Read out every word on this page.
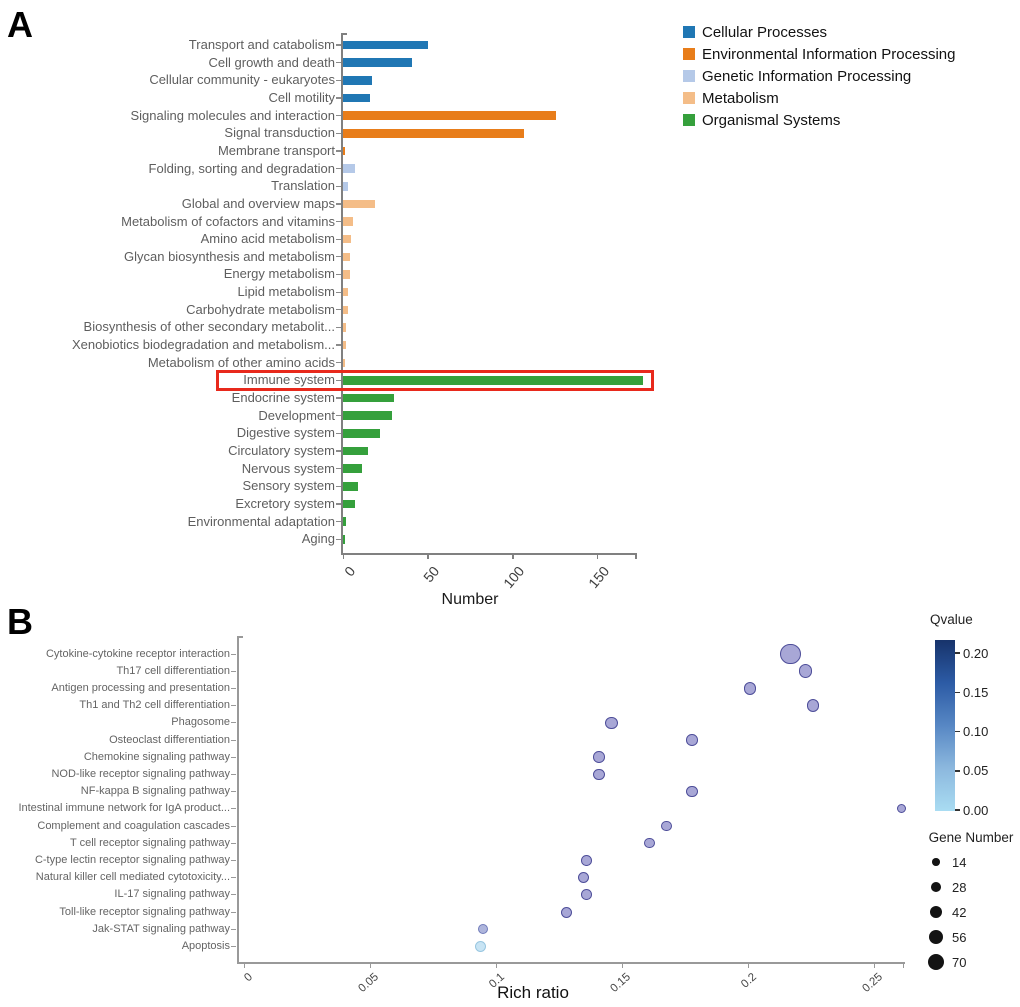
A
B
Number
Transport and catabolism
Cell growth and death
Cellular community - eukaryotes
Cell motility
Signaling molecules and interaction
Signal transduction
Membrane transport
Folding, sorting and degradation
Translation
Global and overview maps
Metabolism of cofactors and vitamins
Amino acid metabolism
Glycan biosynthesis and metabolism
Energy metabolism
Lipid metabolism
Carbohydrate metabolism
Biosynthesis of other secondary metabolit...
Xenobiotics biodegradation and metabolism...
Metabolism of other amino acids
Immune system
Endocrine system
Development
Digestive system
Circulatory system
Nervous system
Sensory system
Excretory system
Environmental adaptation
Aging
0	50	100	150
Cellular Processes
Environmental Information Processing
Genetic Information Processing
Metabolism
Organismal Systems
Rich ratio
Cytokine-cytokine receptor interaction
Th17 cell differentiation
Antigen processing and presentation
Th1 and Th2 cell differentiation
Phagosome
Osteoclast differentiation
Chemokine signaling pathway
NOD-like receptor signaling pathway
NF-kappa B signaling pathway
Intestinal immune network for IgA product...
Complement and coagulation cascades
T cell receptor signaling pathway
C-type lectin receptor signaling pathway
Natural killer cell mediated cytotoxicity...
IL-17 signaling pathway
Toll-like receptor signaling pathway
Jak-STAT signaling pathway
Apoptosis
0	0.05	0.1	0.15	0.2	0.25
Qvalue
Gene Number
0.20
0.15
0.10
0.05
0.00
14
28
42
56
70
